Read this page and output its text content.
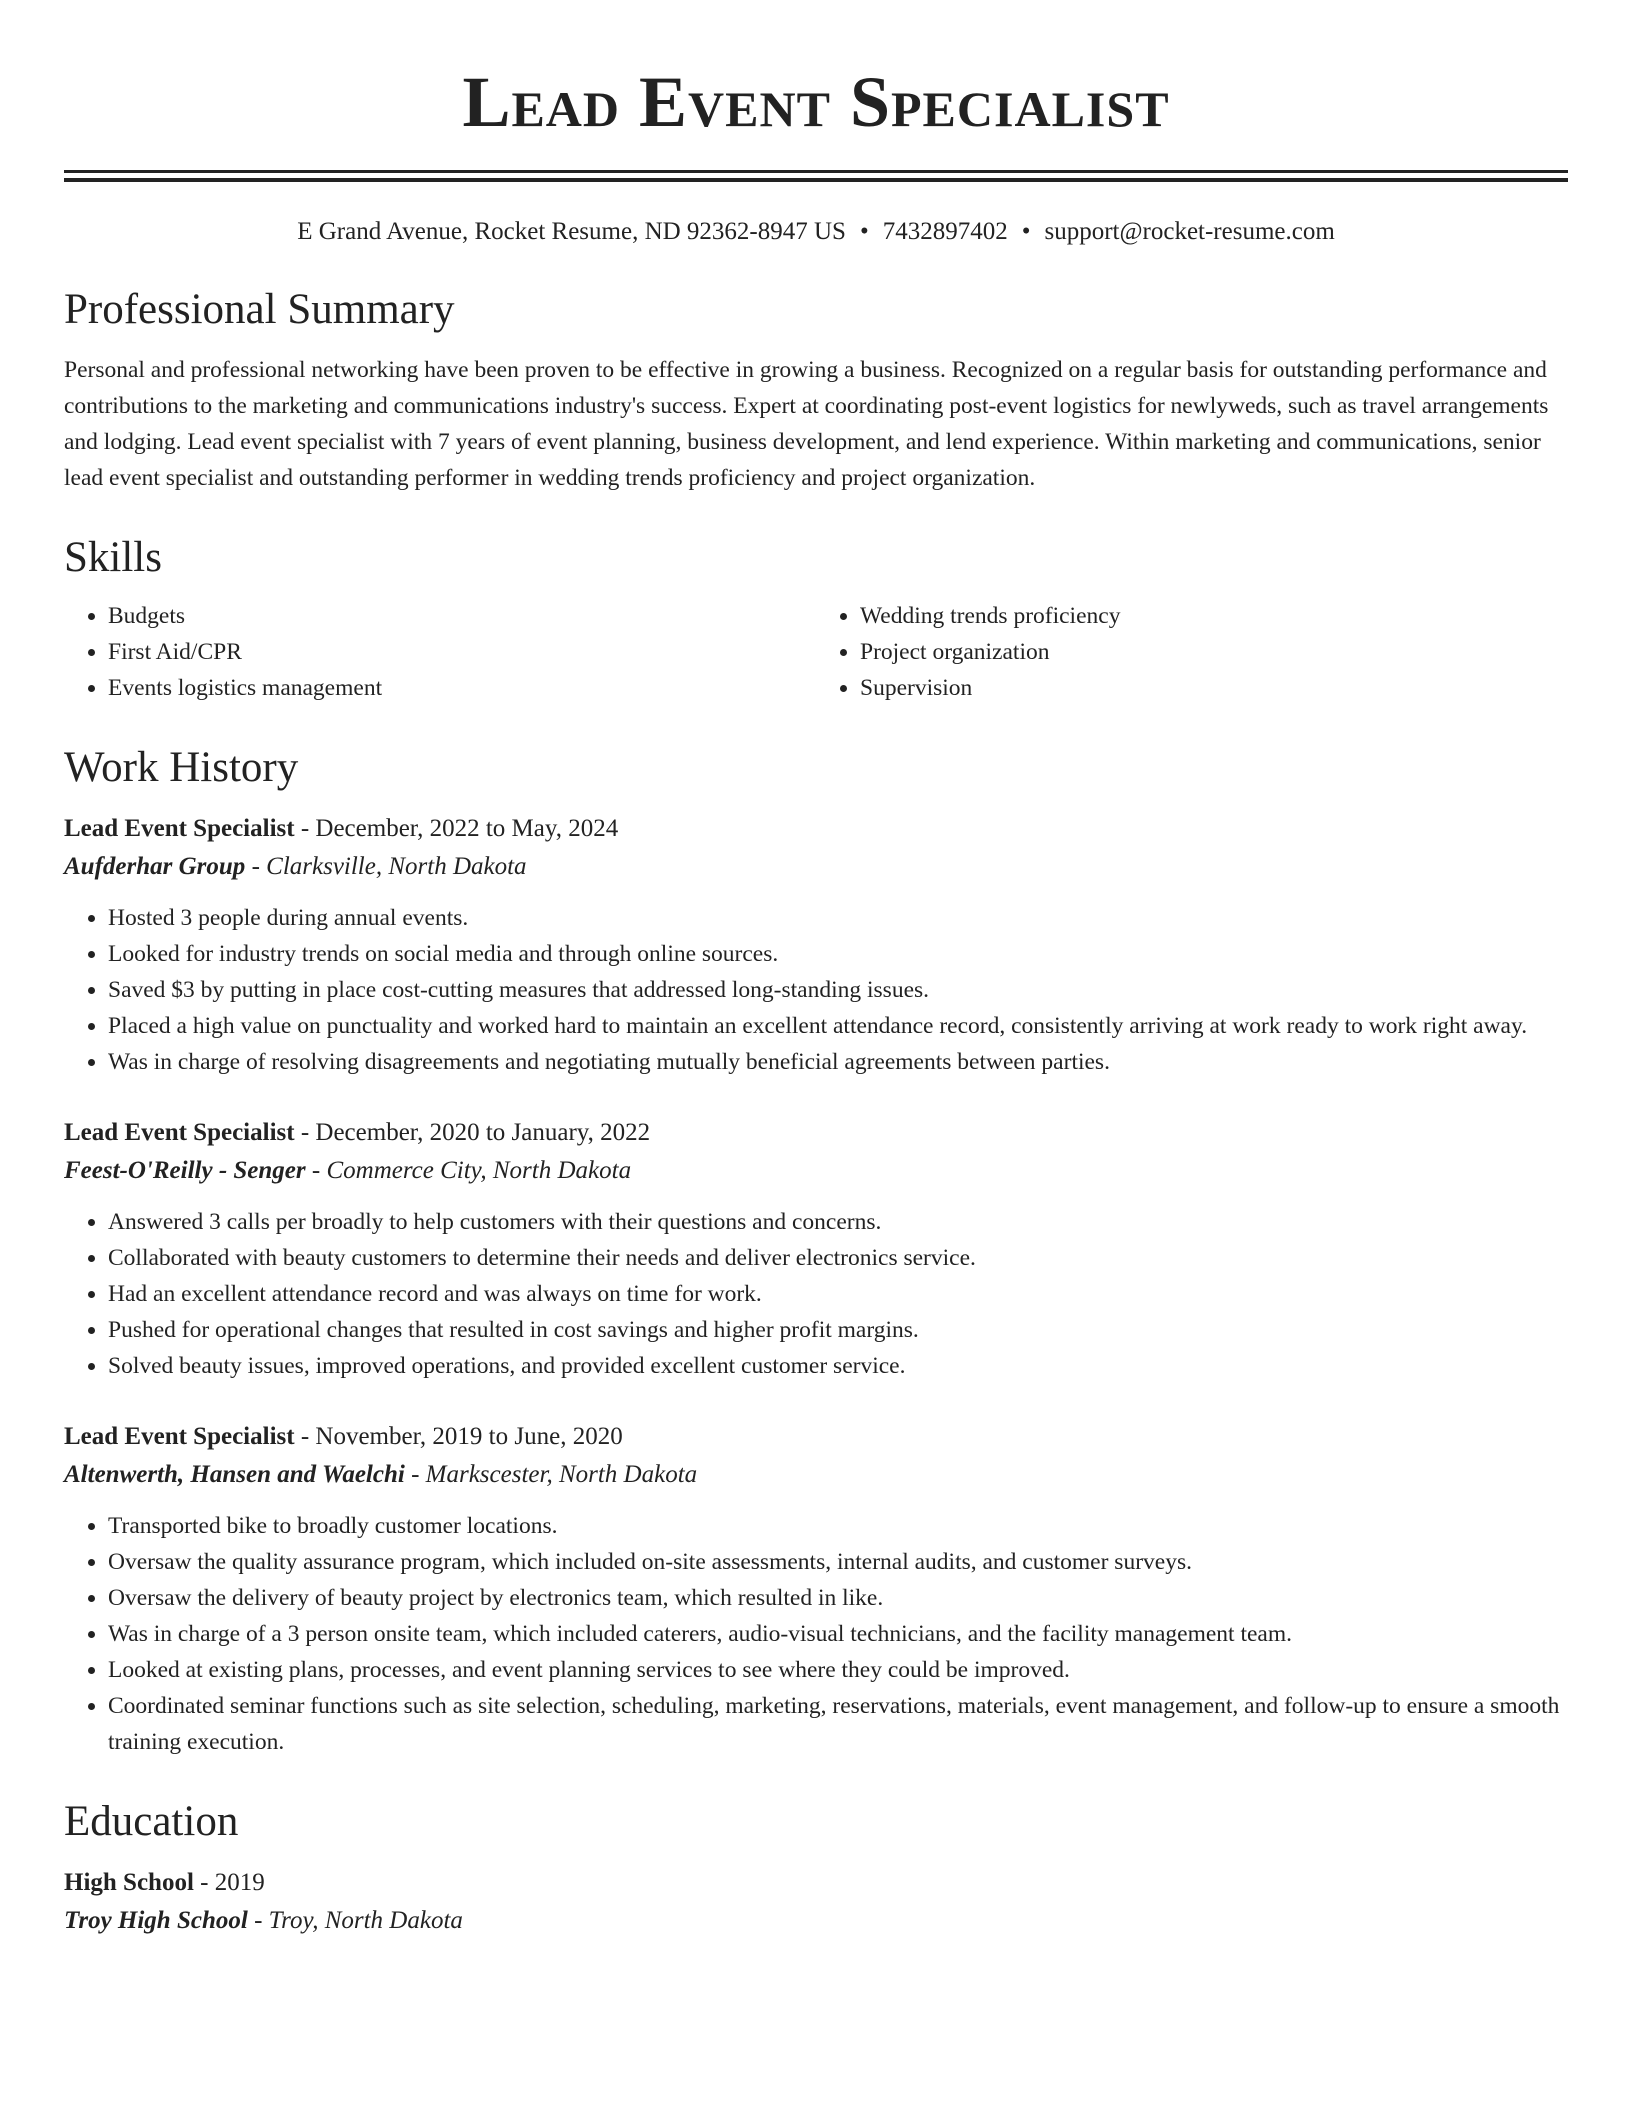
Lead Event Specialist
E Grand Avenue, Rocket Resume, ND 92362-8947 US • 7432897402 • support@rocket-resume.com
Professional Summary

Personal and professional networking have been proven to be effective in growing a business. Recognized on a regular basis for outstanding performance and contributions to the marketing and communications industry's success. Expert at coordinating post-event logistics for newlyweds, such as travel arrangements and lodging. Lead event specialist with 7 years of event planning, business development, and lend experience. Within marketing and communications, senior lead event specialist and outstanding performer in wedding trends proficiency and project organization.

Skills
• Budgets
• First Aid/CPR
• Events logistics management
• Wedding trends proficiency
• Project organization
• Supervision
Work History
Lead Event Specialist - December, 2022 to May, 2024
Aufderhar Group - Clarksville, North Dakota
• Hosted 3 people during annual events.
• Looked for industry trends on social media and through online sources.
• Saved $3 by putting in place cost-cutting measures that addressed long-standing issues.
• Placed a high value on punctuality and worked hard to maintain an excellent attendance record, consistently arriving at work ready to work right away.
• Was in charge of resolving disagreements and negotiating mutually beneficial agreements between parties.
Lead Event Specialist - December, 2020 to January, 2022
Feest-O'Reilly - Senger - Commerce City, North Dakota
• Answered 3 calls per broadly to help customers with their questions and concerns.
• Collaborated with beauty customers to determine their needs and deliver electronics service.
• Had an excellent attendance record and was always on time for work.
• Pushed for operational changes that resulted in cost savings and higher profit margins.
• Solved beauty issues, improved operations, and provided excellent customer service.
Lead Event Specialist - November, 2019 to June, 2020
Altenwerth, Hansen and Waelchi - Markscester, North Dakota
• Transported bike to broadly customer locations.
• Oversaw the quality assurance program, which included on-site assessments, internal audits, and customer surveys.
• Oversaw the delivery of beauty project by electronics team, which resulted in like.
• Was in charge of a 3 person onsite team, which included caterers, audio-visual technicians, and the facility management team.
• Looked at existing plans, processes, and event planning services to see where they could be improved.
• Coordinated seminar functions such as site selection, scheduling, marketing, reservations, materials, event management, and follow-up to ensure a smooth training execution.
Education
High School - 2019
Troy High School - Troy, North Dakota
